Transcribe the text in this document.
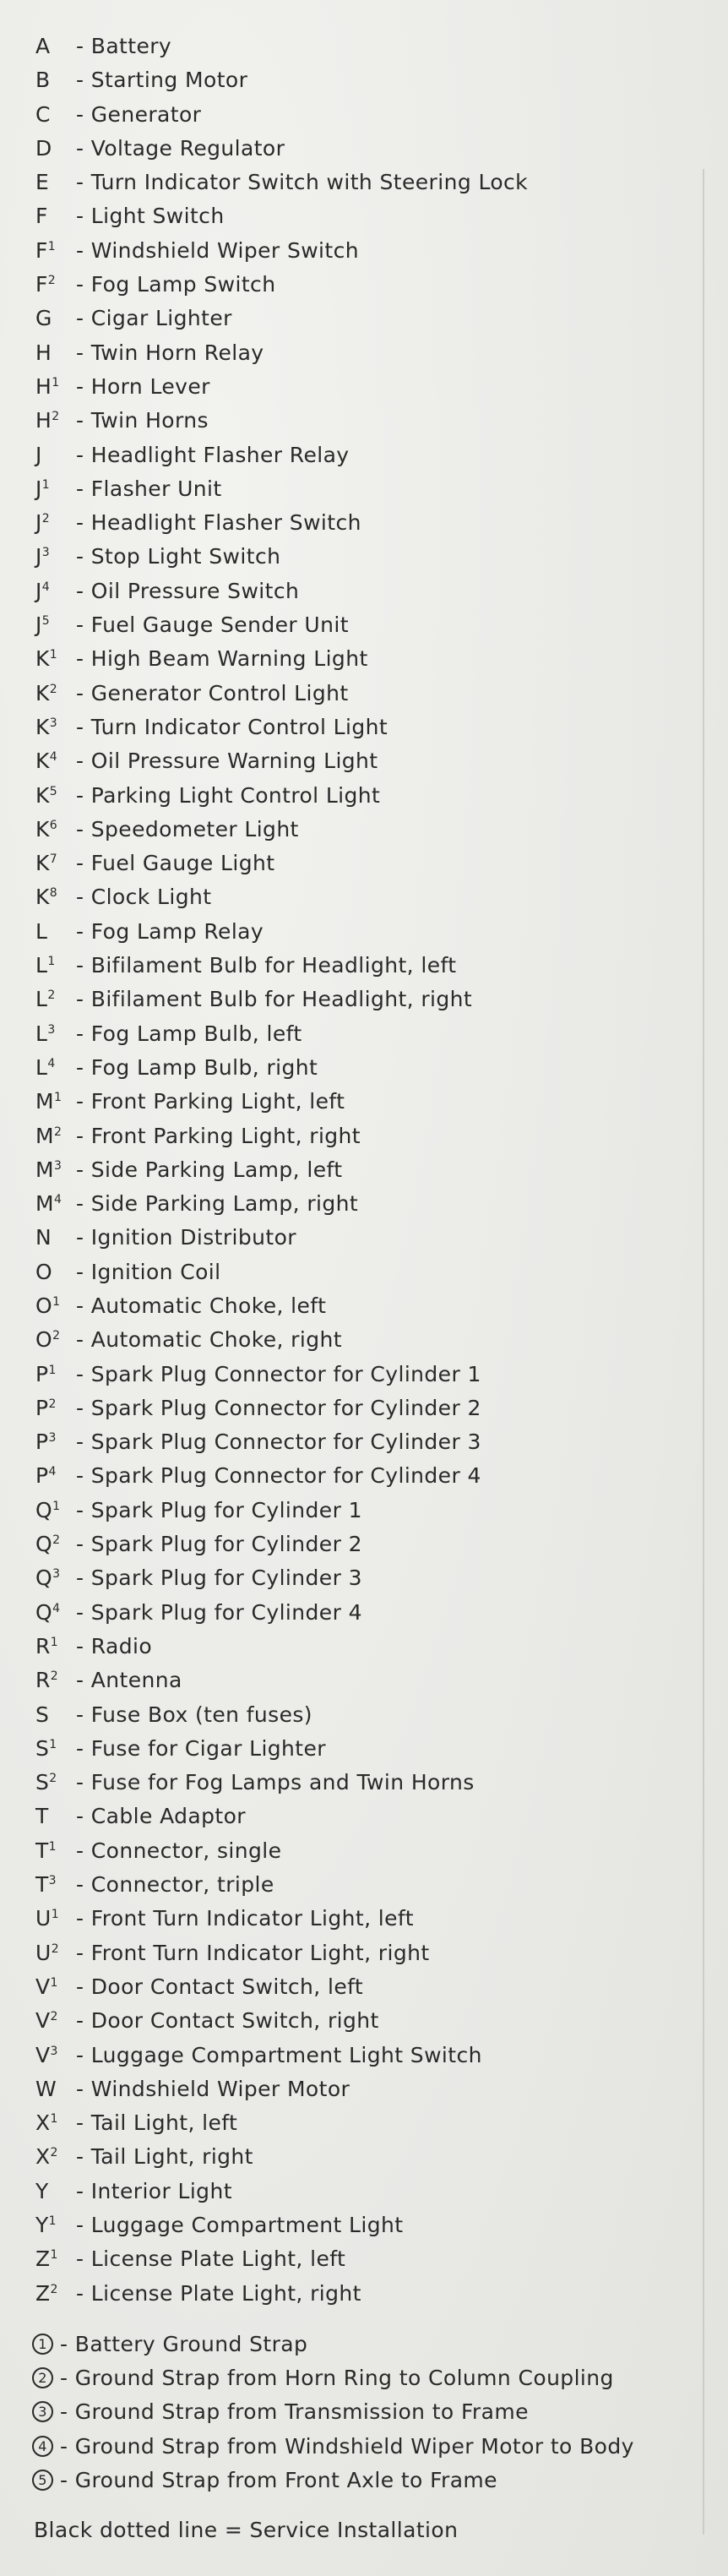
A	- Battery
B	- Starting Motor
C	- Generator
D	- Voltage Regulator
E	- Turn Indicator Switch with Steering Lock
F	- Light Switch
$F^1$ - Windshield Wiper Switch
$F^2$ - Fog Lamp Switch
G	- Cigar Lighter
H	- Twin Horn Relay
$H^1$ - Horn Lever
$H^2$ - Twin Horns
J	- Headlight Flasher Relay
$J^1$	- Flasher Unit
$J^2$	- Headlight Flasher Switch
$J^3$	- Stop Light Switch
$J^4$	- Oil Pressure Switch
$J^5$	- Fuel Gauge Sender Unit
$K^1$ - High Beam Warning Light
$K^2$ - Generator Control Light
$K^3$ - Turn Indicator Control Light
$K^4$ - Oil Pressure Warning Light
$K^5$ - Parking Light Control Light
$K^6$ - Speedometer Light
$K^7$ - Fuel Gauge Light
$K^8$ - Clock Light
L	- Fog Lamp Relay
$L^1$ - Bifilament Bulb for Headlight, left
$L^2$ - Bifilament Bulb for Headlight, right
$L^3$ - Fog Lamp Bulb, left
$L^4$ - Fog Lamp Bulb, right
$M^1$ - Front Parking Light, left
$M^2$ - Front Parking Light, right
$M^3$ - Side Parking Lamp, left
$M^4$ - Side Parking Lamp, right
N	- Ignition Distributor
O	- Ignition Coil
$O^1$ - Automatic Choke, left
$O^2$ - Automatic Choke, right
$P^1$ - Spark Plug Connector for Cylinder 1
$P^2$ - Spark Plug Connector for Cylinder 2
$P^3$ - Spark Plug Connector for Cylinder 3
$P^4$ - Spark Plug Connector for Cylinder 4
$Q^1$ - Spark Plug for Cylinder 1
$Q^2$ - Spark Plug for Cylinder 2
$Q^3$ - Spark Plug for Cylinder 3
$Q^4$ - Spark Plug for Cylinder 4
$R^1$ - Radio
$R^2$ - Antenna
S	- Fuse Box (ten fuses)
$S^1$ - Fuse for Cigar Lighter
$S^2$ - Fuse for Fog Lamps and Twin Horns
T	- Cable Adaptor
$T^1$ - Connector, single
$T^3$ - Connector, triple
$U^1$ - Front Turn Indicator Light, left
$U^2$ - Front Turn Indicator Light, right
$V^1$ - Door Contact Switch, left
$V^2$ - Door Contact Switch, right
$V^3$ - Luggage Compartment Light Switch
W - Windshield Wiper Motor
$X^1$ - Tail Light, left
$X^2$ - Tail Light, right
Y	- Interior Light
$Y^1$ - Luggage Compartment Light
$Z^1$ - License Plate Light, left
$Z^2$ - License Plate Light, right
1 - Battery Ground Strap
2 - Ground Strap from Horn Ring to Column Coupling
3 - Ground Strap from Transmission to Frame
4 - Ground Strap from Windshield Wiper Motor to Body
5 - Ground Strap from Front Axle to Frame
Black dotted line = Service Installation
